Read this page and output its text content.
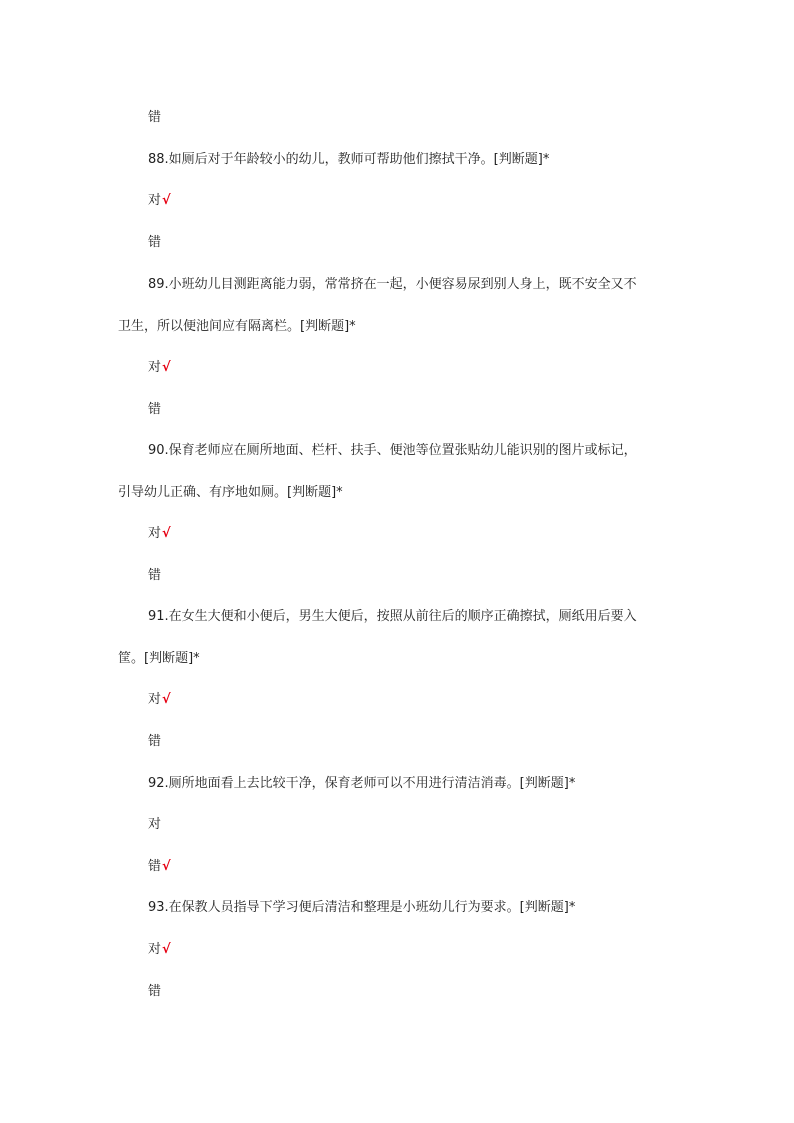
错
88.如厕后对于年龄较小的幼儿，教师可帮助他们擦拭干净。[判断题]*
对√
错
89.小班幼儿目测距离能力弱，常常挤在一起，小便容易尿到别人身上，既不安全又不
卫生，所以便池间应有隔离栏。[判断题]*
对√
错
90.保育老师应在厕所地面、栏杆、扶手、便池等位置张贴幼儿能识别的图片或标记，
引导幼儿正确、有序地如厕。[判断题]*
对√
错
91.在女生大便和小便后，男生大便后，按照从前往后的顺序正确擦拭，厕纸用后要入
筐。[判断题]*
对√
错
92.厕所地面看上去比较干净，保育老师可以不用进行清洁消毒。[判断题]*
对
错√
93.在保教人员指导下学习便后清洁和整理是小班幼儿行为要求。[判断题]*
对√
错
